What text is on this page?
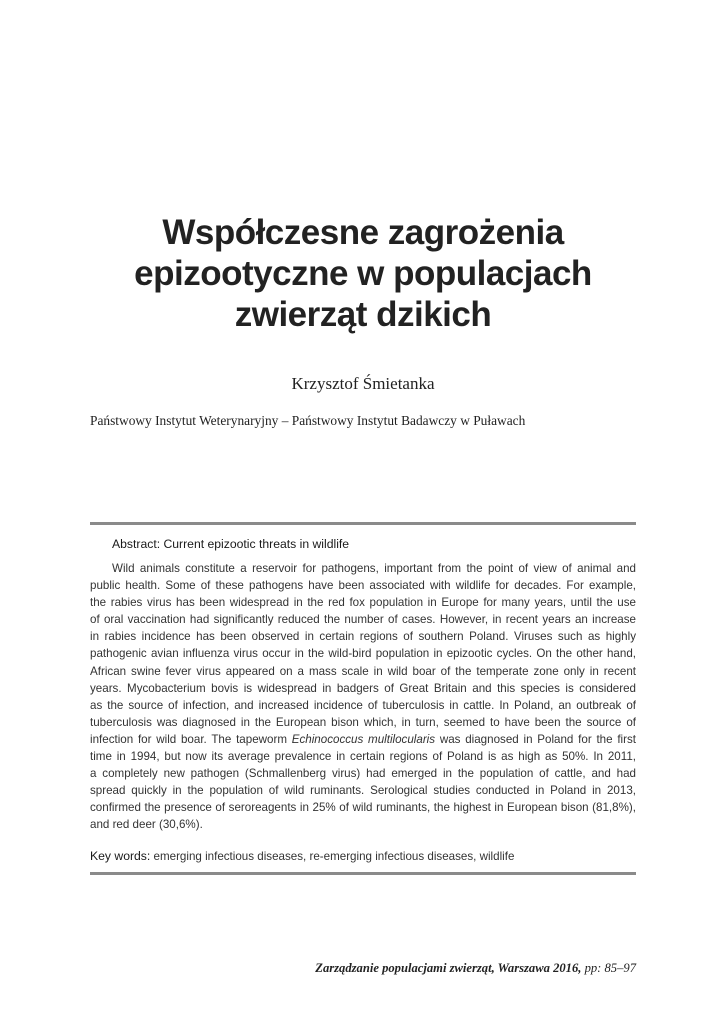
Współczesne zagrożenia
epizootyczne w populacjach
zwierząt dzikich
Krzysztof Śmietanka
Państwowy Instytut Weterynaryjny – Państwowy Instytut Badawczy w Puławach
Abstract: Current epizootic threats in wildlife
Wild animals constitute a reservoir for pathogens, important from the point of view of animal and
public health. Some of these pathogens have been associated with wildlife for decades. For example,
the rabies virus has been widespread in the red fox population in Europe for many years, until the use
of oral vaccination had significantly reduced the number of cases. However, in recent years an increase
in rabies incidence has been observed in certain regions of southern Poland. Viruses such as highly
pathogenic avian influenza virus occur in the wild-bird population in epizootic cycles. On the other hand,
African swine fever virus appeared on a mass scale in wild boar of the temperate zone only in recent
years. Mycobacterium bovis is widespread in badgers of Great Britain and this species is considered
as the source of infection, and increased incidence of tuberculosis in cattle. In Poland, an outbreak of
tuberculosis was diagnosed in the European bison which, in turn, seemed to have been the source of
infection for wild boar. The tapeworm Echinococcus multilocularis was diagnosed in Poland for the first
time in 1994, but now its average prevalence in certain regions of Poland is as high as 50%. In 2011,
a completely new pathogen (Schmallenberg virus) had emerged in the population of cattle, and had
spread quickly in the population of wild ruminants. Serological studies conducted in Poland in 2013,
confirmed the presence of seroreagents in 25% of wild ruminants, the highest in European bison (81,8%),
and red deer (30,6%).
Key words: emerging infectious diseases, re-emerging infectious diseases, wildlife
Zarządzanie populacjami zwierząt, Warszawa 2016, pp: 85–97
